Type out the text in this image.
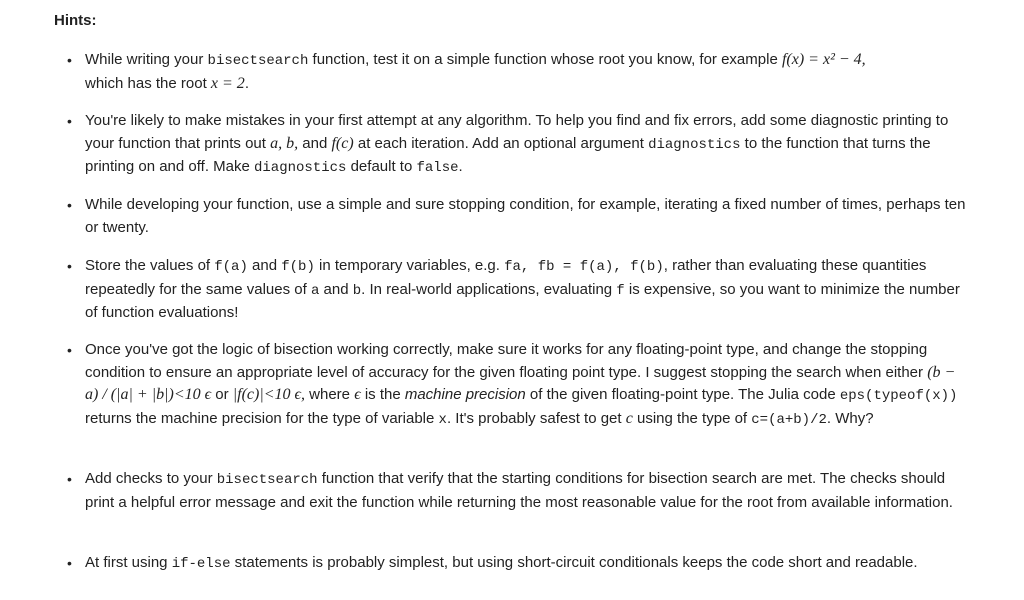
Hints:
• While writing your bisectsearch function, test it on a simple function whose root you know, for example f(x) = x² − 4,
which has the root x = 2.
• You're likely to make mistakes in your first attempt at any algorithm. To help you find and fix errors, add some diagnostic printing to your function that prints out a, b, and f(c) at each iteration. Add an optional argument diagnostics to the function that turns the printing on and off. Make diagnostics default to false.
• While developing your function, use a simple and sure stopping condition, for example, iterating a fixed number of times, perhaps ten or twenty.
• Store the values of f(a) and f(b) in temporary variables, e.g. fa, fb = f(a), f(b), rather than evaluating these quantities repeatedly for the same values of a and b. In real-world applications, evaluating f is expensive, so you want to minimize the number of function evaluations!
• Once you've got the logic of bisection working correctly, make sure it works for any floating-point type, and change the stopping condition to ensure an appropriate level of accuracy for the given floating point type. I suggest stopping the search when either (b − a) / (|a| + |b|)<10 ϵ or |f(c)|<10 ϵ, where ϵ is the machine precision of the given floating-point type. The Julia code eps(typeof(x)) returns the machine precision for the type of variable x. It's probably safest to get c using the type of c=(a+b)/2. Why?
• Add checks to your bisectsearch function that verify that the starting conditions for bisection search are met. The checks should print a helpful error message and exit the function while returning the most reasonable value for the root from available information.
• At first using if-else statements is probably simplest, but using short-circuit conditionals keeps the code short and readable.
